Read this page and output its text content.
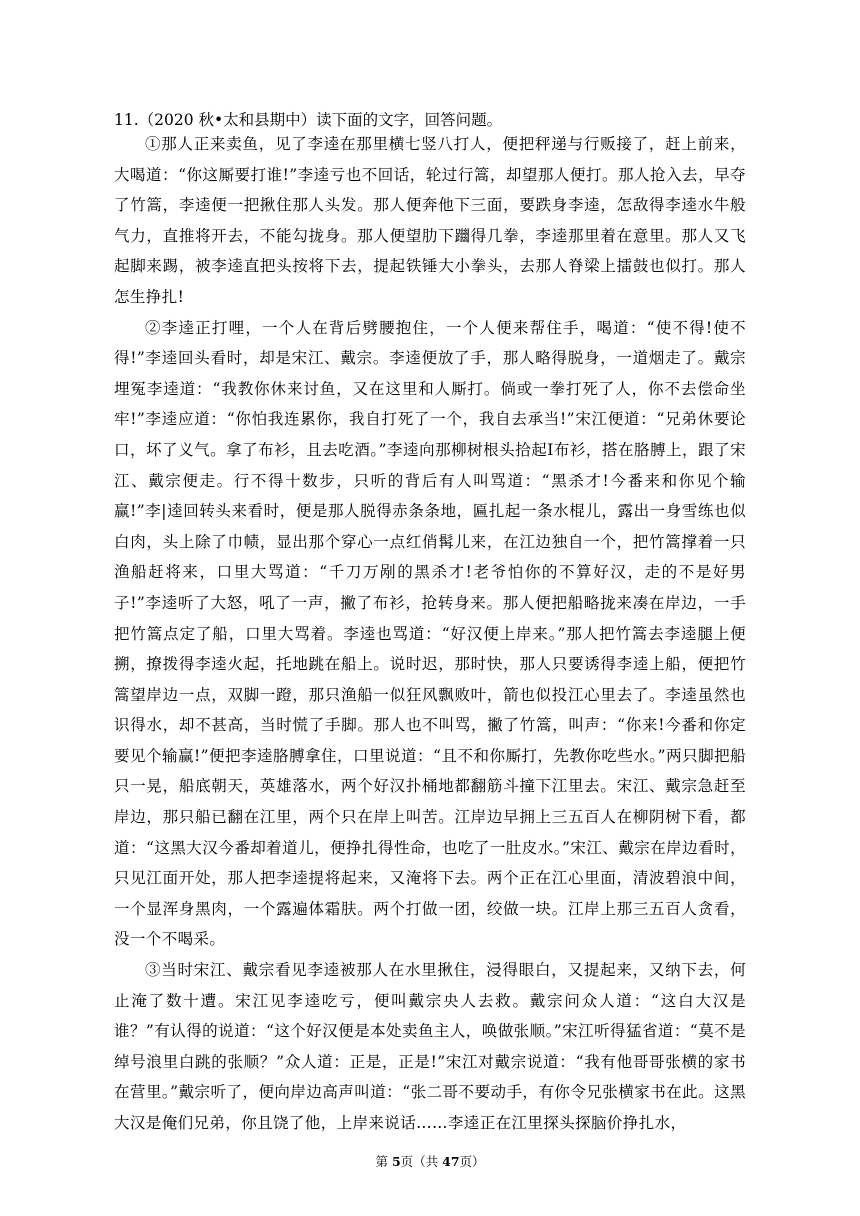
11.（2020 秋•太和县期中）读下面的文字，回答问题。

①那人正来卖鱼，见了李逵在那里横七竖八打人，便把秤递与行贩接了，赶上前来，大喝道：“你这厮要打谁!”李逵亏也不回话，轮过行篙，却望那人便打。那人抢入去，早夺了竹篙，李逵便一把揪住那人头发。那人便奔他下三面，要跌身李逵，怎敌得李逵水牛般气力，直推将开去，不能勾拢身。那人便望肋下躖得几拳，李逵那里着在意里。那人又飞起脚来踢，被李逵直把头按将下去，提起铁锤大小拳头，去那人脊梁上擂鼓也似打。那人怎生挣扎!

②李逵正打哩，一个人在背后劈腰抱住，一个人便来帮住手，喝道：“使不得!使不得!”李逵回头看时，却是宋江、戴宗。李逵便放了手，那人略得脱身，一道烟走了。戴宗埋冤李逵道：“我教你休来讨鱼，又在这里和人厮打。倘或一拳打死了人，你不去偿命坐牢!”李逵应道：“你怕我连累你，我自打死了一个，我自去承当!”宋江便道：“兄弟休要论口，坏了义气。拿了布衫，且去吃酒。”李逵向那柳树根头拾起Ⅰ布衫，搭在胳膊上，跟了宋江、戴宗便走。行不得十数步，只听的背后有人叫骂道：“黑杀才!今番来和你见个输赢!”李|逵回转头来看时，便是那人脱得赤条条地，匾扎起一条水棍儿，露出一身雪练也似白肉，头上除了巾帻，显出那个穿心一点红俏髯儿来，在江边独自一个，把竹篙撑着一只渔船赶将来，口里大骂道：“千刀万剐的黑杀才!老爷怕你的不算好汉，走的不是好男子!”李逵听了大怒，吼了一声，撇了布衫，抢转身来。那人便把船略拢来凑在岸边，一手把竹篙点定了船，口里大骂着。李逵也骂道：“好汉便上岸来。”那人把竹篙去李逵腿上便搠，撩拨得李逵火起，托地跳在船上。说时迟，那时快，那人只要诱得李逵上船，便把竹篙望岸边一点，双脚一蹬，那只渔船一似狂风飘败叶，箭也似投江心里去了。李逵虽然也识得水，却不甚高，当时慌了手脚。那人也不叫骂，撇了竹篙，叫声：“你来!今番和你定要见个输赢!”便把李逵胳膊拿住，口里说道：“且不和你厮打，先教你吃些水。”两只脚把船只一晃，船底朝天，英雄落水，两个好汉扑桶地都翻筋斗撞下江里去。宋江、戴宗急赶至岸边，那只船已翻在江里，两个只在岸上叫苦。江岸边早拥上三五百人在柳阴树下看，都道：“这黑大汉今番却着道儿，便挣扎得性命，也吃了一肚皮水。”宋江、戴宗在岸边看时，只见江面开处，那人把李逵提将起来，又淹将下去。两个正在江心里面，清波碧浪中间，一个显浑身黑肉，一个露遍体霜肤。两个打做一团，绞做一块。江岸上那三五百人贪看，没一个不喝采。

③当时宋江、戴宗看见李逵被那人在水里揪住，浸得眼白，又提起来，又纳下去，何止淹了数十遭。宋江见李逵吃亏，便叫戴宗央人去救。戴宗问众人道：“这白大汉是谁？”有认得的说道：“这个好汉便是本处卖鱼主人，唤做张顺。”宋江听得猛省道：“莫不是绰号浪里白跳的张顺？”众人道：正是，正是!”宋江对戴宗说道：“我有他哥哥张横的家书在营里。”戴宗听了，便向岸边高声叫道：“张二哥不要动手，有你令兄张横家书在此。这黑大汉是俺们兄弟，你且饶了他，上岸来说话……李逵正在江里探头探脑价挣扎水，

第 5页（共 47页）
